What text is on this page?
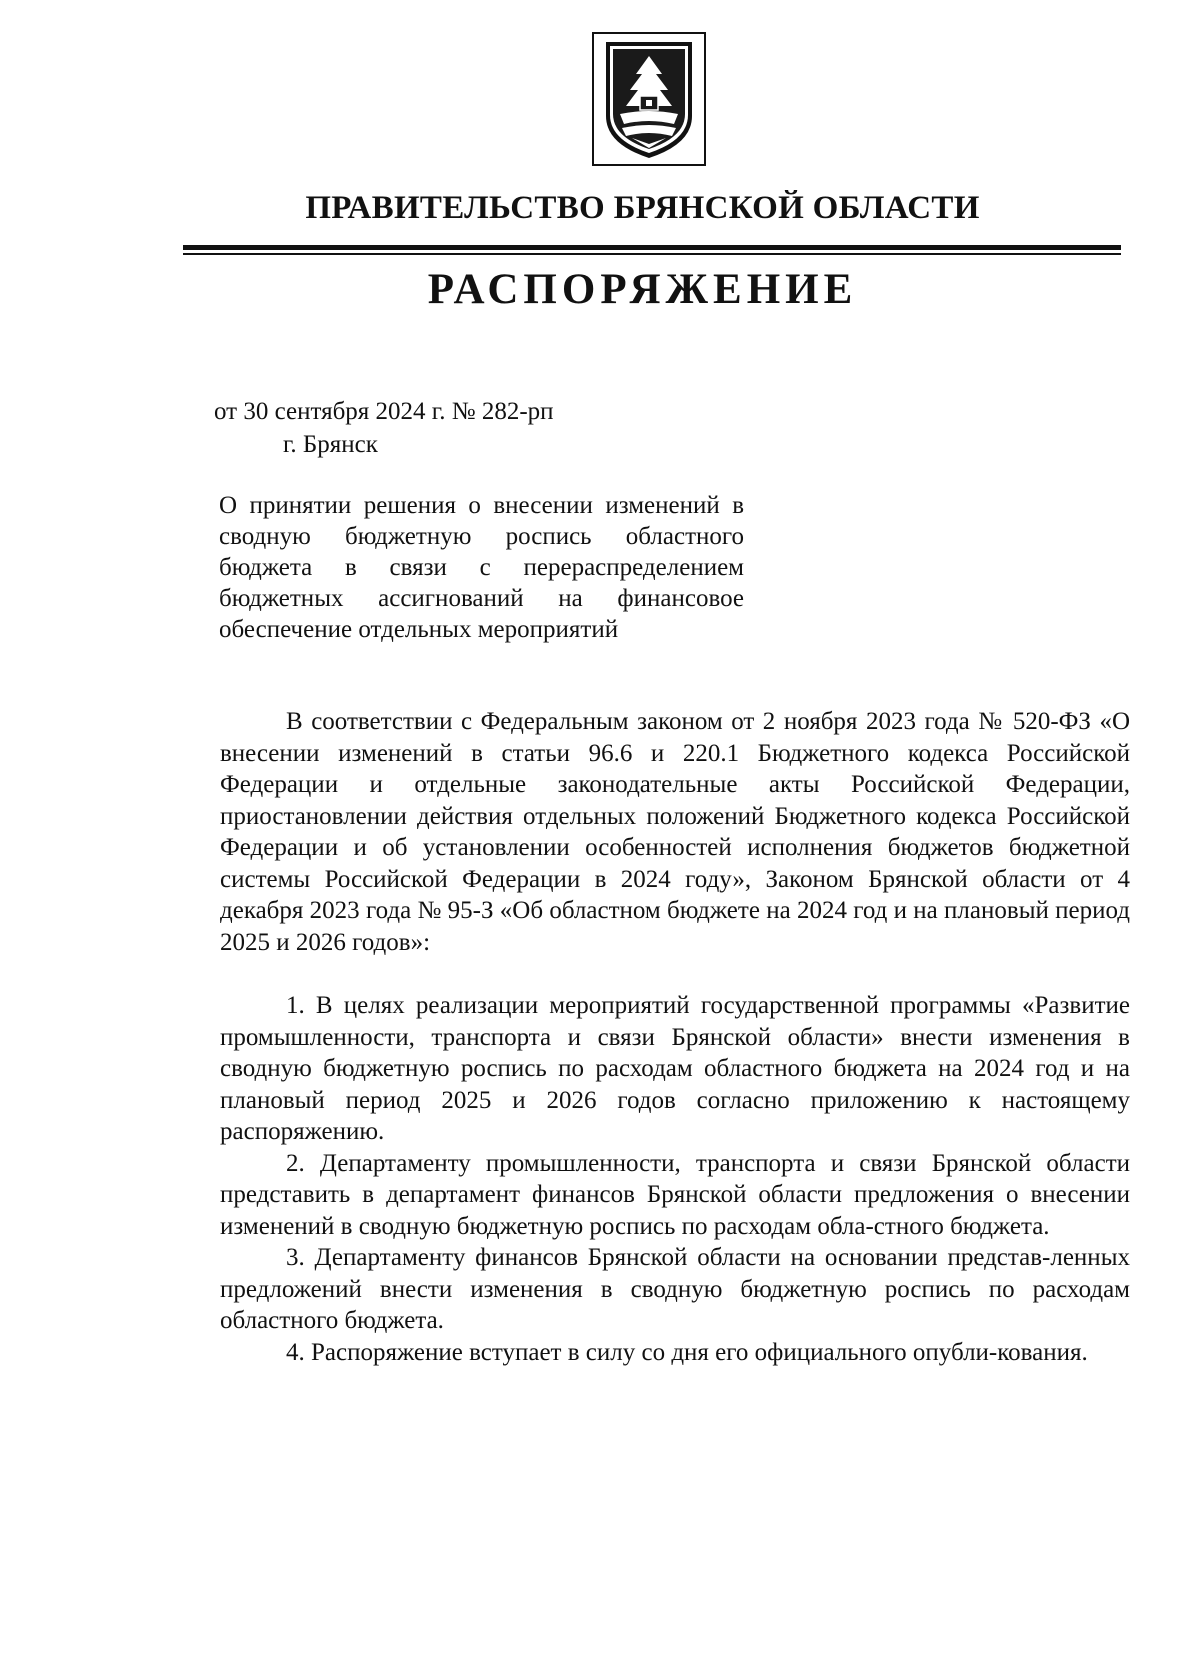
ПРАВИТЕЛЬСТВО БРЯНСКОЙ ОБЛАСТИ
РАСПОРЯЖЕНИЕ
от 30 сентября 2024 г. № 282-рп
г. Брянск
О принятии решения о внесении изменений в сводную бюджетную роспись областного бюджета в связи с перераспределением бюджетных ассигнований на финансовое обеспечение отдельных мероприятий

В соответствии с Федеральным законом от 2 ноября 2023 года № 520-ФЗ «О внесении изменений в статьи 96.6 и 220.1 Бюджетного кодекса Российской Федерации и отдельные законодательные акты Российской Федерации, приостановлении действия отдельных положений Бюджетного кодекса Российской Федерации и об установлении особенностей исполнения бюджетов бюджетной системы Российской Федерации в 2024 году», Законом Брянской области от 4 декабря 2023 года № 95-З «Об областном бюджете на 2024 год и на плановый период 2025 и 2026 годов»:

1. В целях реализации мероприятий государственной программы «Развитие промышленности, транспорта и связи Брянской области» внести изменения в сводную бюджетную роспись по расходам областного бюджета на 2024 год и на плановый период 2025 и 2026 годов согласно приложению к настоящему распоряжению.

2. Департаменту промышленности, транспорта и связи Брянской области представить в департамент финансов Брянской области предложения о внесении изменений в сводную бюджетную роспись по расходам обла-стного бюджета.

3. Департаменту финансов Брянской области на основании представ-ленных предложений внести изменения в сводную бюджетную роспись по расходам областного бюджета.

4. Распоряжение вступает в силу со дня его официального опубли-кования.
